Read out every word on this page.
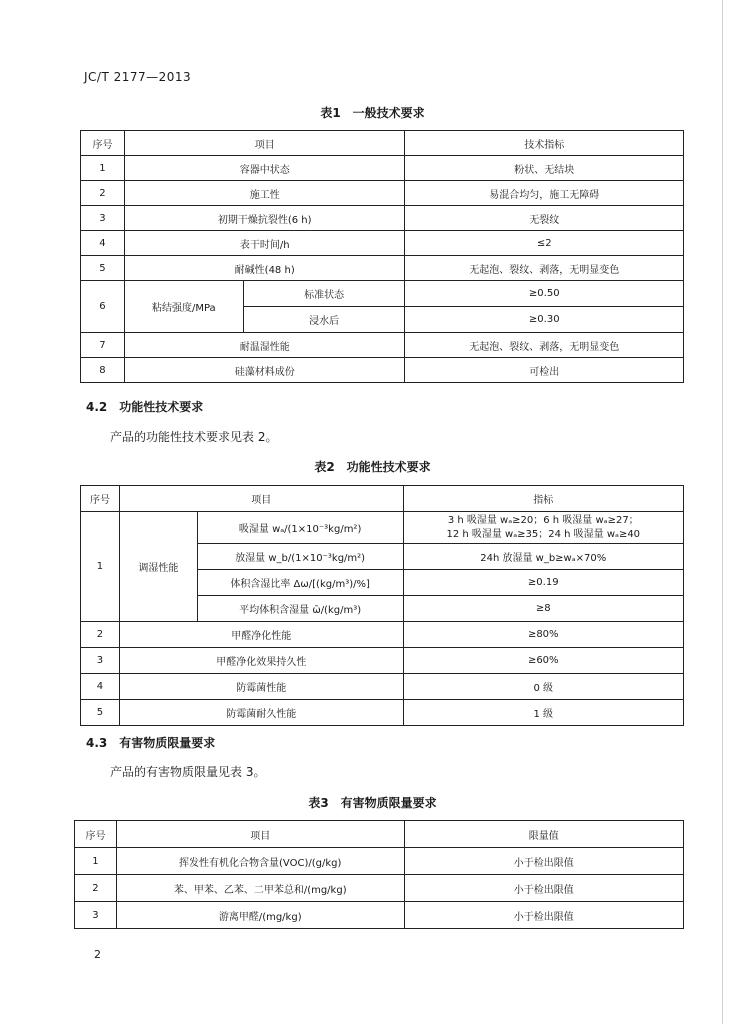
JC/T 2177—2013
表1　一般技术要求
序号	项目		技术指标
1	容器中状态		粉状、无结块
2	施工性		易混合均匀，施工无障碍
3	初期干燥抗裂性(6 h)		无裂纹
4	表干时间/h		≤2
5	耐碱性(48 h)		无起泡、裂纹、剥落，无明显变色
6	粘结强度/MPa	标准状态	≥0.50
		浸水后	≥0.30
7	耐温湿性能		无起泡、裂纹、剥落，无明显变色
8	硅藻材料成份		可检出
4.2　功能性技术要求
产品的功能性技术要求见表 2。
表2　功能性技术要求
序号	项目		指标
1	调湿性能	吸湿量 wₐ/(1×10⁻³kg/m²)	3 h 吸湿量 wₐ≥20；6 h 吸湿量 wₐ≥27；
12 h 吸湿量 wₐ≥35；24 h 吸湿量 wₐ≥40

		放湿量 w_b/(1×10⁻³kg/m²)	24h 放湿量 w_b≥wₐ×70%
		体积含湿比率 Δω/[(kg/m³)/%]	≥0.19
		平均体积含湿量 ω̄/(kg/m³)	≥8
2	甲醛净化性能		≥80%
3	甲醛净化效果持久性		≥60%
4	防霉菌性能		0 级
5	防霉菌耐久性能		1 级
4.3　有害物质限量要求
产品的有害物质限量见表 3。
表3　有害物质限量要求
序号	项目	限量值
1	挥发性有机化合物含量(VOC)/(g/kg)	小于检出限值
2	苯、甲苯、乙苯、二甲苯总和/(mg/kg)	小于检出限值
3	游离甲醛/(mg/kg)	小于检出限值
2
